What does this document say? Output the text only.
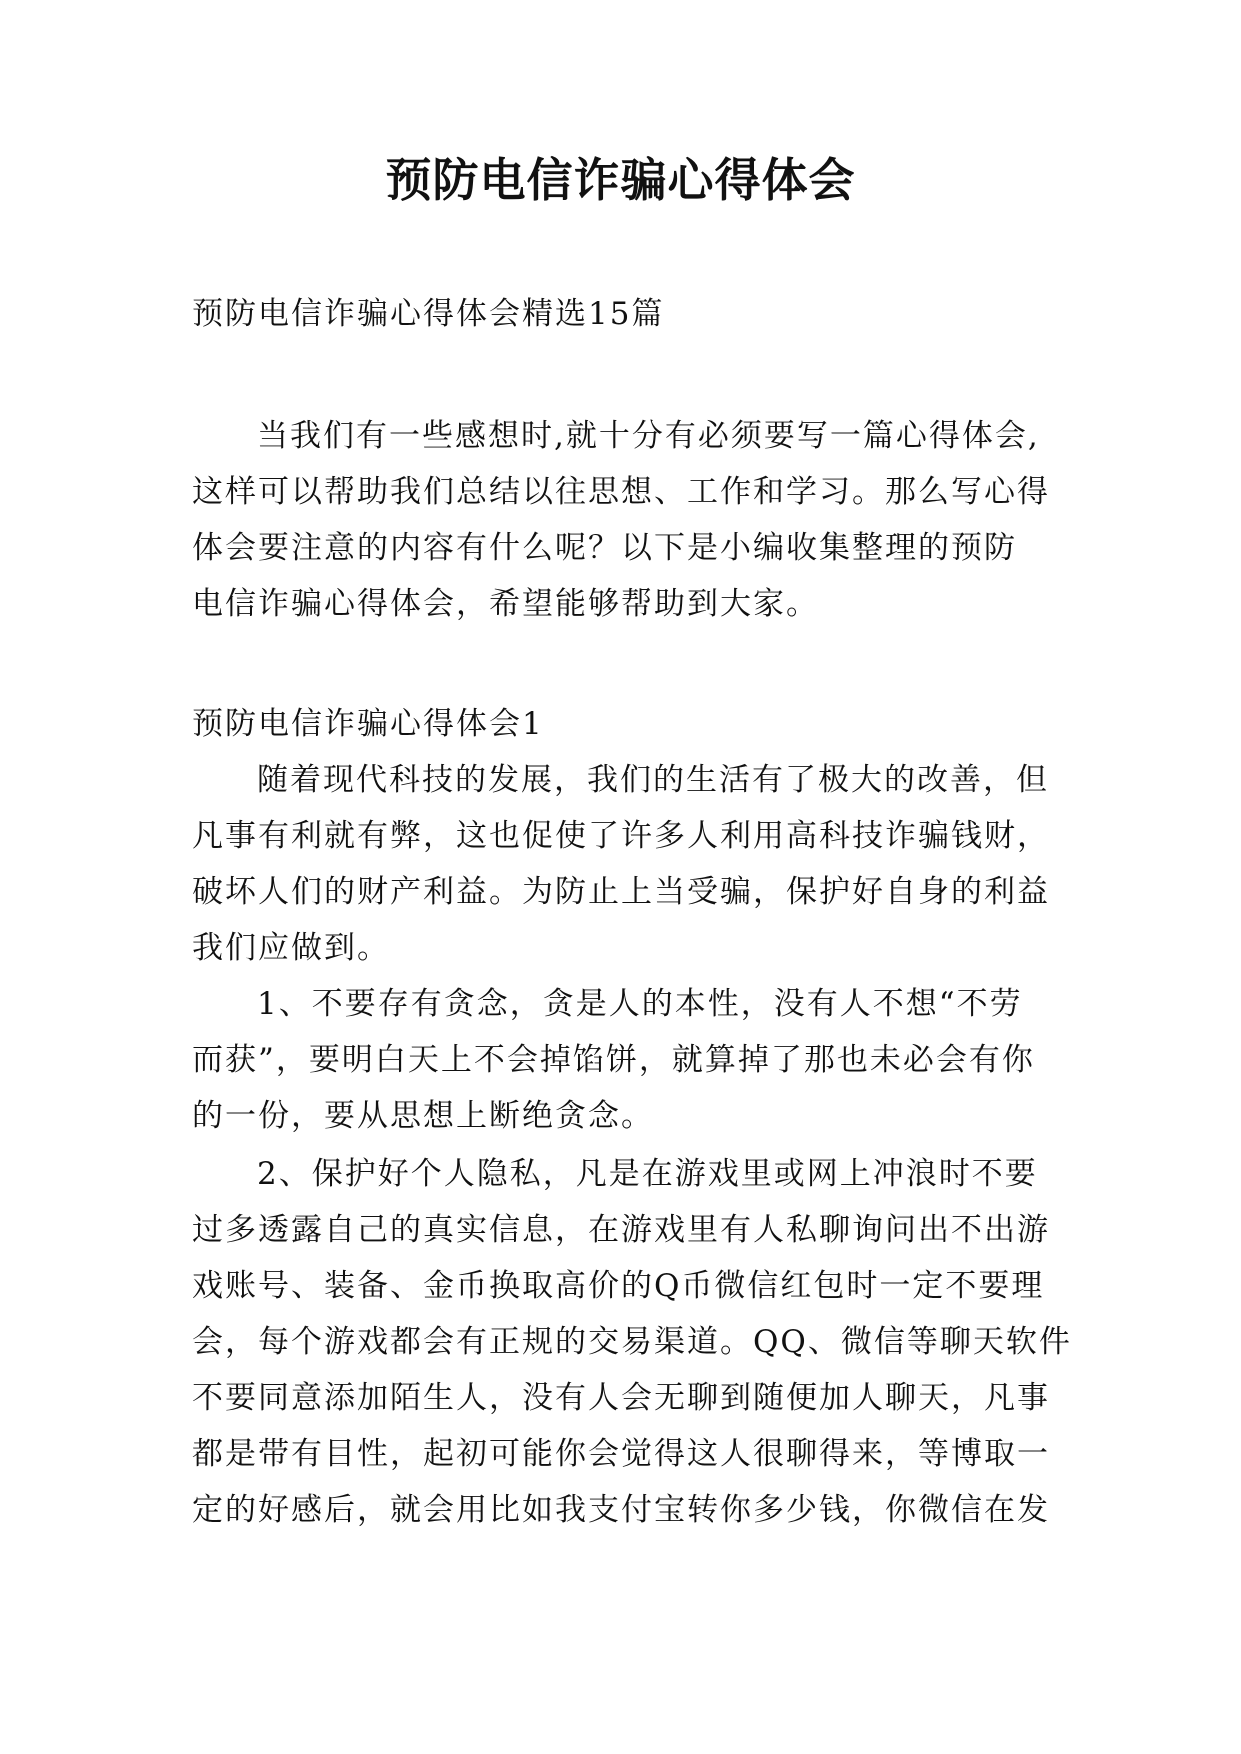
预防电信诈骗心得体会

预防电信诈骗心得体会精选15篇

当我们有一些感想时,就十分有必须要写一篇心得体会,

这样可以帮助我们总结以往思想、工作和学习。那么写心得

体会要注意的内容有什么呢？以下是小编收集整理的预防

电信诈骗心得体会，希望能够帮助到大家。

预防电信诈骗心得体会1

随着现代科技的发展，我们的生活有了极大的改善，但

凡事有利就有弊，这也促使了许多人利用高科技诈骗钱财，

破坏人们的财产利益。为防止上当受骗，保护好自身的利益

我们应做到。

1、不要存有贪念，贪是人的本性，没有人不想“不劳

而获”，要明白天上不会掉馅饼，就算掉了那也未必会有你

的一份，要从思想上断绝贪念。

2、保护好个人隐私，凡是在游戏里或网上冲浪时不要

过多透露自己的真实信息，在游戏里有人私聊询问出不出游

戏账号、装备、金币换取高价的Q币微信红包时一定不要理

会，每个游戏都会有正规的交易渠道。QQ、微信等聊天软件

不要同意添加陌生人，没有人会无聊到随便加人聊天，凡事

都是带有目性，起初可能你会觉得这人很聊得来，等博取一

定的好感后，就会用比如我支付宝转你多少钱，你微信在发
